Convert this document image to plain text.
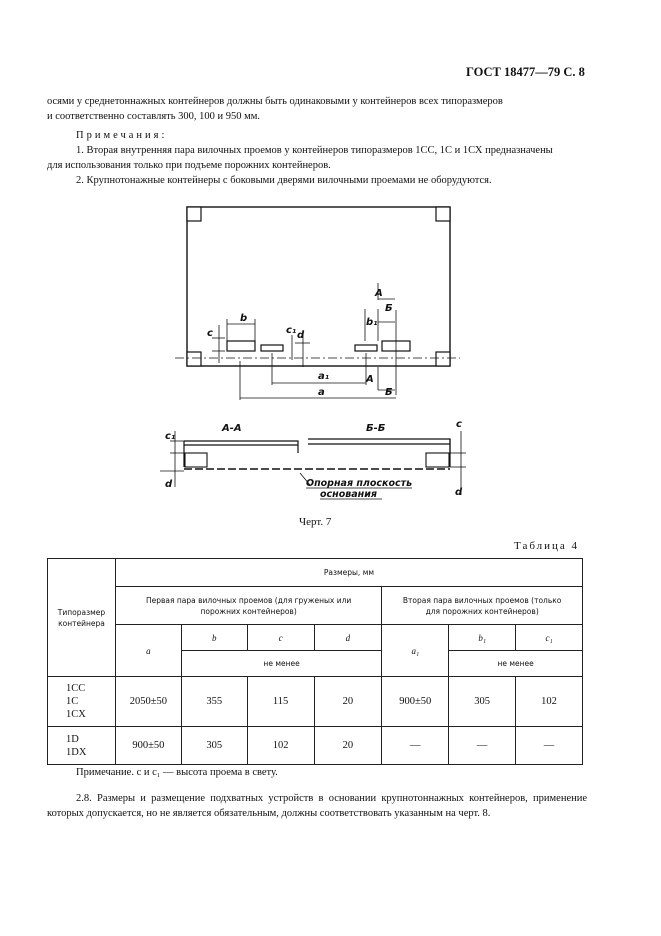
ГОСТ 18477—79 С. 8
осями у среднетоннажных контейнеров должны быть одинаковыми у контейнеров всех типоразмеров
и соответственно составлять 300, 100 и 950 мм.
Примечания:
1. Вторая внутренняя пара вилочных проемов у контейнеров типоразмеров 1СС, 1С и 1СХ предназначены
для использования только при подъеме порожних контейнеров.
2. Крупнотонажные контейнеры с боковыми дверями вилочными проемами не оборудуются.
b
c	c₁ d
b₁
А
Б
a₁	А
Б
a
А-А	Б-Б
c₁
d
c
d
Опорная плоскость
основания
Черт. 7
Таблица 4
Типоразмер контейнера	Размеры, мм						
	Первая пара вилочных проемов (для груженых или порожних контейнеров)				Вторая пара вилочных проемов (только для порожних контейнеров)		
	a	b	c	d	a₁	b₁	c₁
		не менее				не менее	

1CC
1C
1CX	2050±50	355	115	20	900±50	305	102

1D
1DX	900±50	305	102	20	—	—	—
Примечание. c и c₁ — высота проема в свету.
2.8. Размеры и размещение подхватных устройств в основании крупнотоннажных контейнеров, применение которых допускается, но не является обязательным, должны соответствовать указанным на черт. 8.
